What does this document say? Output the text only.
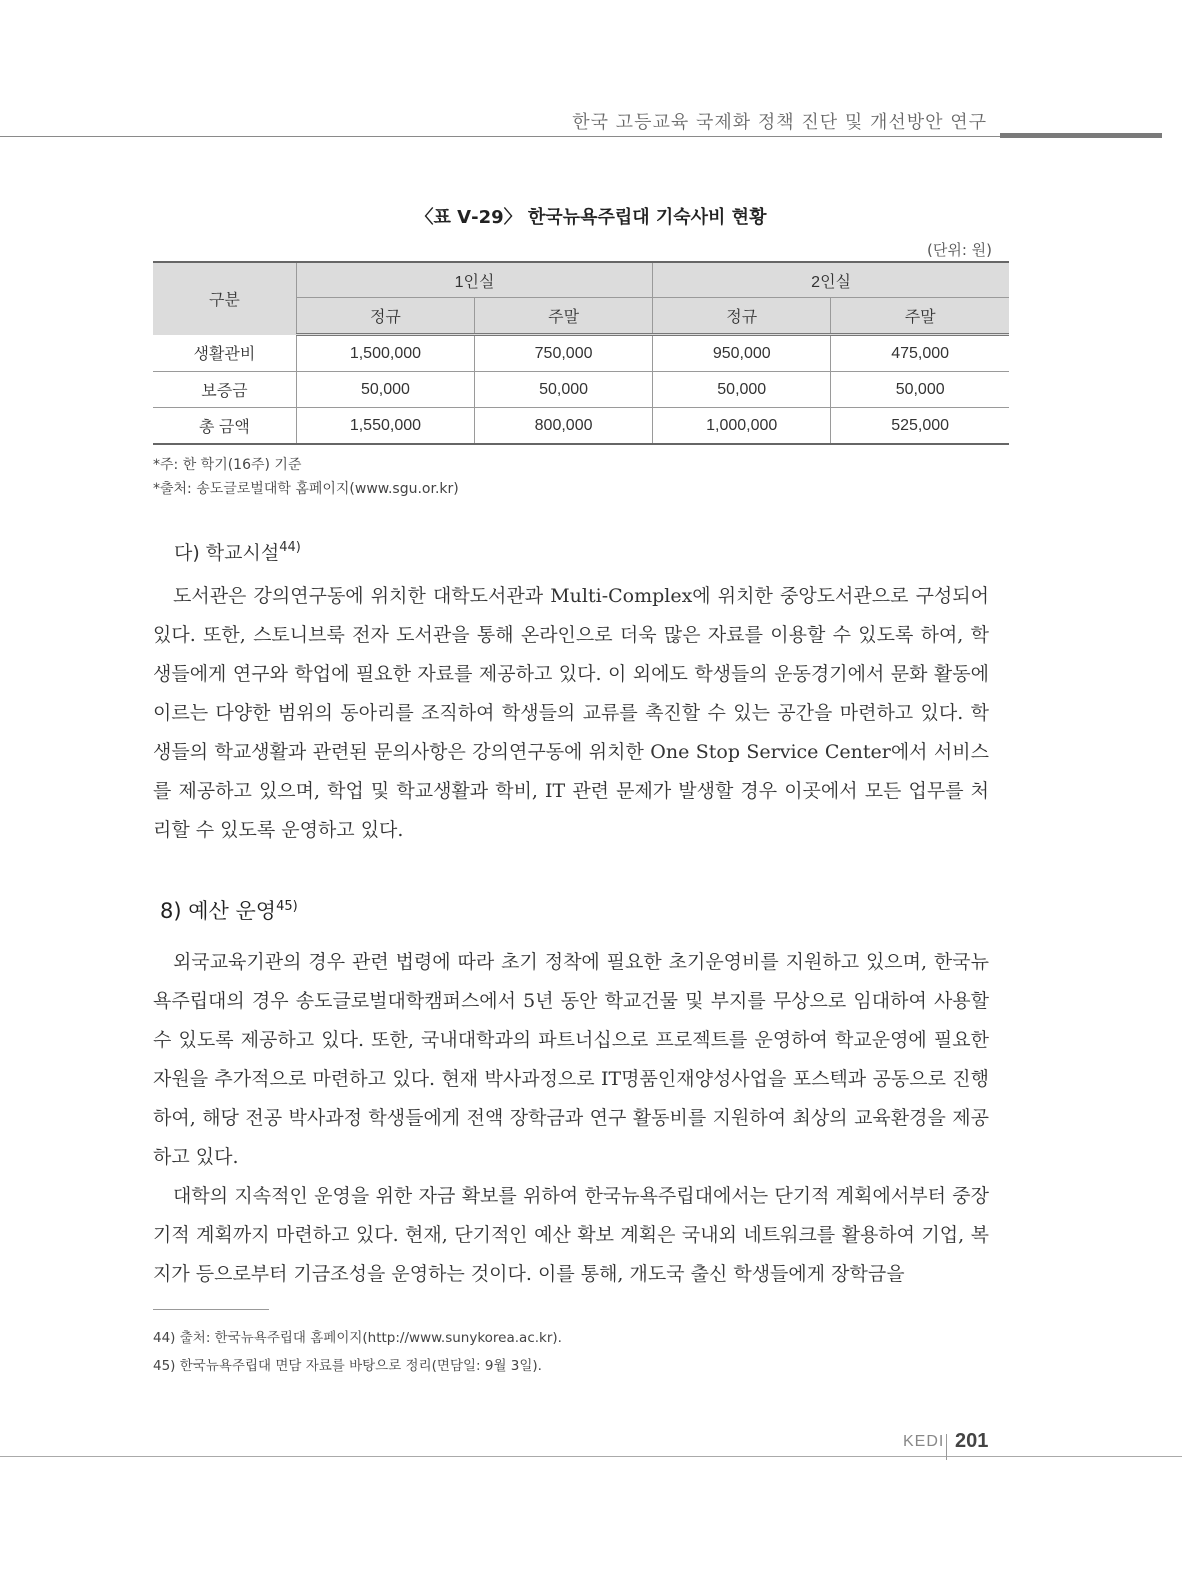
한국 고등교육 국제화 정책 진단 및 개선방안 연구
〈표 Ⅴ-29〉 한국뉴욕주립대 기숙사비 현황
(단위: 원)
구분	1인실		2인실	
	정규	주말	정규	주말
생활관비	1,500,000	750,000	950,000	475,000
보증금	50,000	50,000	50,000	50,000
총 금액	1,550,000	800,000	1,000,000	525,000
*주: 한 학기(16주) 기준
*출처: 송도글로벌대학 홈페이지(www.sgu.or.kr)
다) 학교시설$^{44)}$

도서관은 강의연구동에 위치한 대학도서관과 Multi-Complex에 위치한 중앙도서관으로 구성되어 있다. 또한, 스토니브룩 전자 도서관을 통해 온라인으로 더욱 많은 자료를 이용할 수 있도록 하여, 학생들에게 연구와 학업에 필요한 자료를 제공하고 있다. 이 외에도 학생들의 운동경기에서 문화 활동에 이르는 다양한 범위의 동아리를 조직하여 학생들의 교류를 촉진할 수 있는 공간을 마련하고 있다. 학생들의 학교생활과 관련된 문의사항은 강의연구동에 위치한 One Stop Service Center에서 서비스를 제공하고 있으며, 학업 및 학교생활과 학비, IT 관련 문제가 발생할 경우 이곳에서 모든 업무를 처리할 수 있도록 운영하고 있다.

8) 예산 운영$^{45)}$

외국교육기관의 경우 관련 법령에 따라 초기 정착에 필요한 초기운영비를 지원하고 있으며, 한국뉴욕주립대의 경우 송도글로벌대학캠퍼스에서 5년 동안 학교건물 및 부지를 무상으로 임대하여 사용할 수 있도록 제공하고 있다. 또한, 국내대학과의 파트너십으로 프로젝트를 운영하여 학교운영에 필요한 자원을 추가적으로 마련하고 있다. 현재 박사과정으로 IT명품인재양성사업을 포스텍과 공동으로 진행하여, 해당 전공 박사과정 학생들에게 전액 장학금과 연구 활동비를 지원하여 최상의 교육환경을 제공하고 있다.

대학의 지속적인 운영을 위한 자금 확보를 위하여 한국뉴욕주립대에서는 단기적 계획에서부터 중장기적 계획까지 마련하고 있다. 현재, 단기적인 예산 확보 계획은 국내외 네트워크를 활용하여 기업, 복지가 등으로부터 기금조성을 운영하는 것이다. 이를 통해, 개도국 출신 학생들에게 장학금을

44) 출처: 한국뉴욕주립대 홈페이지(http://www.sunykorea.ac.kr).
45) 한국뉴욕주립대 면담 자료를 바탕으로 정리(면담일: 9월 3일).
KEDI 201
